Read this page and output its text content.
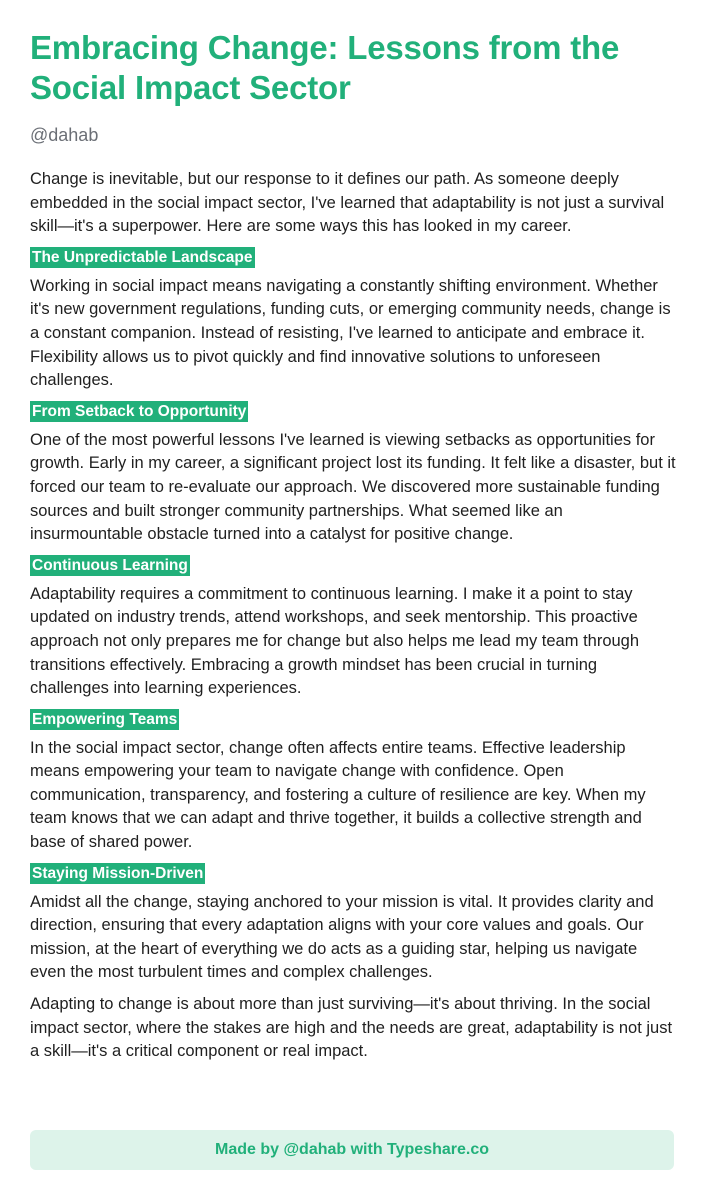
Embracing Change: Lessons from the Social Impact Sector
@dahab

Change is inevitable, but our response to it defines our path. As someone deeply embedded in the social impact sector, I've learned that adaptability is not just a survival skill—it's a superpower. Here are some ways this has looked in my career.

The Unpredictable Landscape

Working in social impact means navigating a constantly shifting environment. Whether it's new government regulations, funding cuts, or emerging community needs, change is a constant companion. Instead of resisting, I've learned to anticipate and embrace it. Flexibility allows us to pivot quickly and find innovative solutions to unforeseen challenges.

From Setback to Opportunity

One of the most powerful lessons I've learned is viewing setbacks as opportunities for growth. Early in my career, a significant project lost its funding. It felt like a disaster, but it forced our team to re-evaluate our approach. We discovered more sustainable funding sources and built stronger community partnerships. What seemed like an insurmountable obstacle turned into a catalyst for positive change.

Continuous Learning

Adaptability requires a commitment to continuous learning. I make it a point to stay updated on industry trends, attend workshops, and seek mentorship. This proactive approach not only prepares me for change but also helps me lead my team through transitions effectively. Embracing a growth mindset has been crucial in turning challenges into learning experiences.

Empowering Teams

In the social impact sector, change often affects entire teams. Effective leadership means empowering your team to navigate change with confidence. Open communication, transparency, and fostering a culture of resilience are key. When my team knows that we can adapt and thrive together, it builds a collective strength and base of shared power.

Staying Mission-Driven

Amidst all the change, staying anchored to your mission is vital. It provides clarity and direction, ensuring that every adaptation aligns with your core values and goals. Our mission, at the heart of everything we do acts as a guiding star, helping us navigate even the most turbulent times and complex challenges.

Adapting to change is about more than just surviving—it's about thriving. In the social impact sector, where the stakes are high and the needs are great, adaptability is not just a skill—it's a critical component or real impact.

Made by @dahab with Typeshare.co
